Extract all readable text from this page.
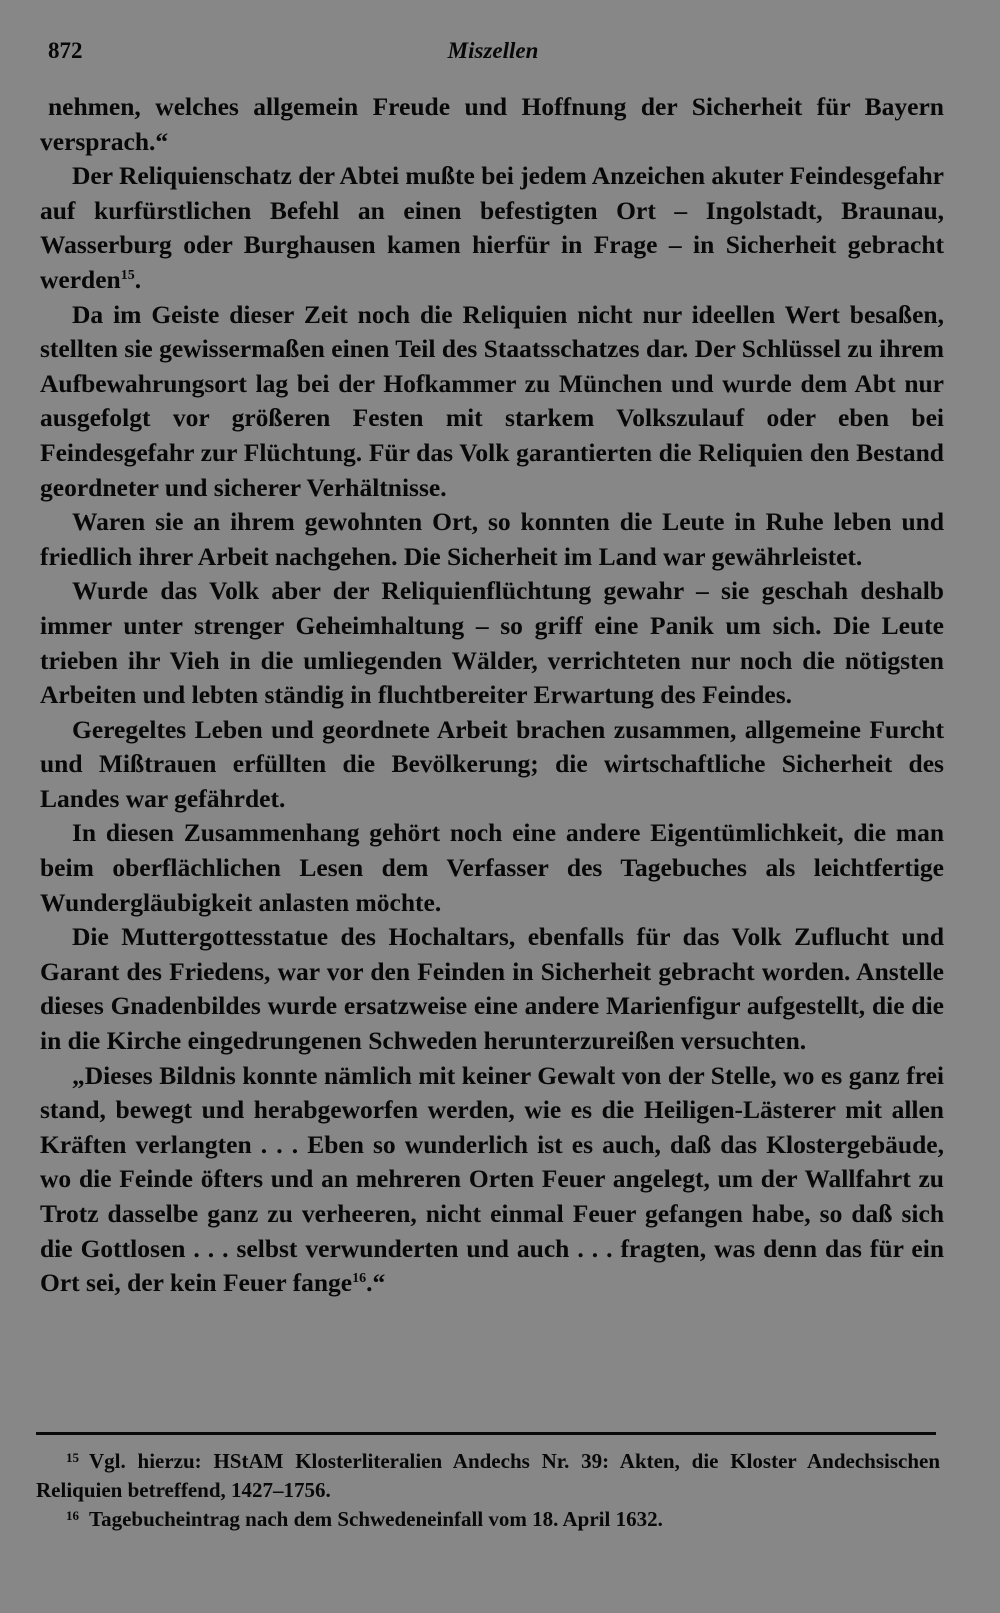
872	Miszellen

nehmen, welches allgemein Freude und Hoffnung der Sicherheit für Bayern versprach.“

Der Reliquienschatz der Abtei mußte bei jedem Anzeichen akuter Feindesgefahr auf kurfürstlichen Befehl an einen befestigten Ort – Ingolstadt, Braunau, Wasserburg oder Burghausen kamen hierfür in Frage – in Sicherheit gebracht werden$^{15}$.

Da im Geiste dieser Zeit noch die Reliquien nicht nur ideellen Wert besaßen, stellten sie gewissermaßen einen Teil des Staatsschatzes dar. Der Schlüssel zu ihrem Aufbewahrungsort lag bei der Hofkammer zu München und wurde dem Abt nur ausgefolgt vor größeren Festen mit starkem Volkszulauf oder eben bei Feindesgefahr zur Flüchtung. Für das Volk garantierten die Reliquien den Bestand geordneter und sicherer Verhältnisse.

Waren sie an ihrem gewohnten Ort, so konnten die Leute in Ruhe leben und friedlich ihrer Arbeit nachgehen. Die Sicherheit im Land war gewährleistet.

Wurde das Volk aber der Reliquienflüchtung gewahr – sie geschah deshalb immer unter strenger Geheimhaltung – so griff eine Panik um sich. Die Leute trieben ihr Vieh in die umliegenden Wälder, verrichteten nur noch die nötigsten Arbeiten und lebten ständig in fluchtbereiter Erwartung des Feindes.

Geregeltes Leben und geordnete Arbeit brachen zusammen, allgemeine Furcht und Mißtrauen erfüllten die Bevölkerung; die wirtschaftliche Sicherheit des Landes war gefährdet.

In diesen Zusammenhang gehört noch eine andere Eigentümlichkeit, die man beim oberflächlichen Lesen dem Verfasser des Tagebuches als leichtfertige Wundergläubigkeit anlasten möchte.

Die Muttergottesstatue des Hochaltars, ebenfalls für das Volk Zuflucht und Garant des Friedens, war vor den Feinden in Sicherheit gebracht worden. Anstelle dieses Gnadenbildes wurde ersatzweise eine andere Marienfigur aufgestellt, die die in die Kirche eingedrungenen Schweden herunterzureißen versuchten.

„Dieses Bildnis konnte nämlich mit keiner Gewalt von der Stelle, wo es ganz frei stand, bewegt und herabgeworfen werden, wie es die Heiligen-Lästerer mit allen Kräften verlangten . . . Eben so wunderlich ist es auch, daß das Klostergebäude, wo die Feinde öfters und an mehreren Orten Feuer angelegt, um der Wallfahrt zu Trotz dasselbe ganz zu verheeren, nicht einmal Feuer gefangen habe, so daß sich die Gottlosen . . . selbst verwunderten und auch . . . fragten, was denn das für ein Ort sei, der kein Feuer fange$^{16}$.“

$^{15}$ Vgl. hierzu: HStAM Klosterliteralien Andechs Nr. 39: Akten, die Kloster Andechsischen Reliquien betreffend, 1427–1756.

$^{16}$ Tagebucheintrag nach dem Schwedeneinfall vom 18. April 1632.
